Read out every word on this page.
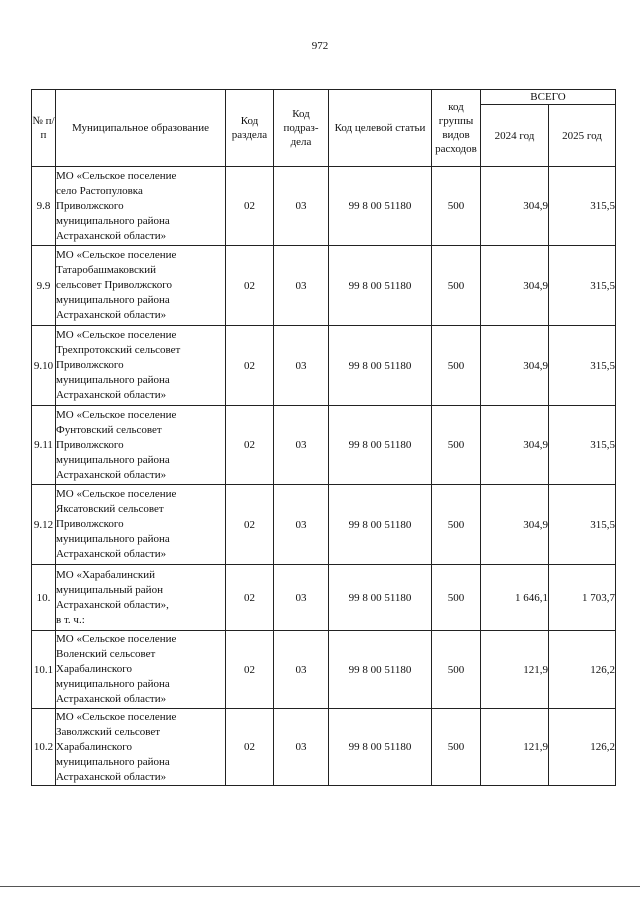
972
№ п/п	Муниципальное образование	Код раздела	Код подраз-дела	Код целевой статьи	код группы видов расходов	ВСЕГО	
						2024 год	2025 год
9.8	МО «Сельское поселение
село Растопуловка
Приволжского
муниципального района
Астраханской области»	02	03	99 8 00 51180	500	304,9	315,5
9.9	МО «Сельское поселение
Татаробашмаковский
сельсовет Приволжского
муниципального района
Астраханской области»	02	03	99 8 00 51180	500	304,9	315,5
9.10	МО «Сельское поселение
Трехпротокский сельсовет
Приволжского
муниципального района
Астраханской области»	02	03	99 8 00 51180	500	304,9	315,5
9.11	МО «Сельское поселение
Фунтовский сельсовет
Приволжского
муниципального района
Астраханской области»	02	03	99 8 00 51180	500	304,9	315,5
9.12	МО «Сельское поселение
Яксатовский сельсовет
Приволжского
муниципального района
Астраханской области»	02	03	99 8 00 51180	500	304,9	315,5
10.	МО «Харабалинский
муниципальный район
Астраханской области»,
в т. ч.:	02	03	99 8 00 51180	500	1 646,1	1 703,7
10.1	МО «Сельское поселение
Воленский сельсовет
Харабалинского
муниципального района
Астраханской области»	02	03	99 8 00 51180	500	121,9	126,2
10.2	МО «Сельское поселение
Заволжский сельсовет
Харабалинского
муниципального района
Астраханской области»	02	03	99 8 00 51180	500	121,9	126,2
